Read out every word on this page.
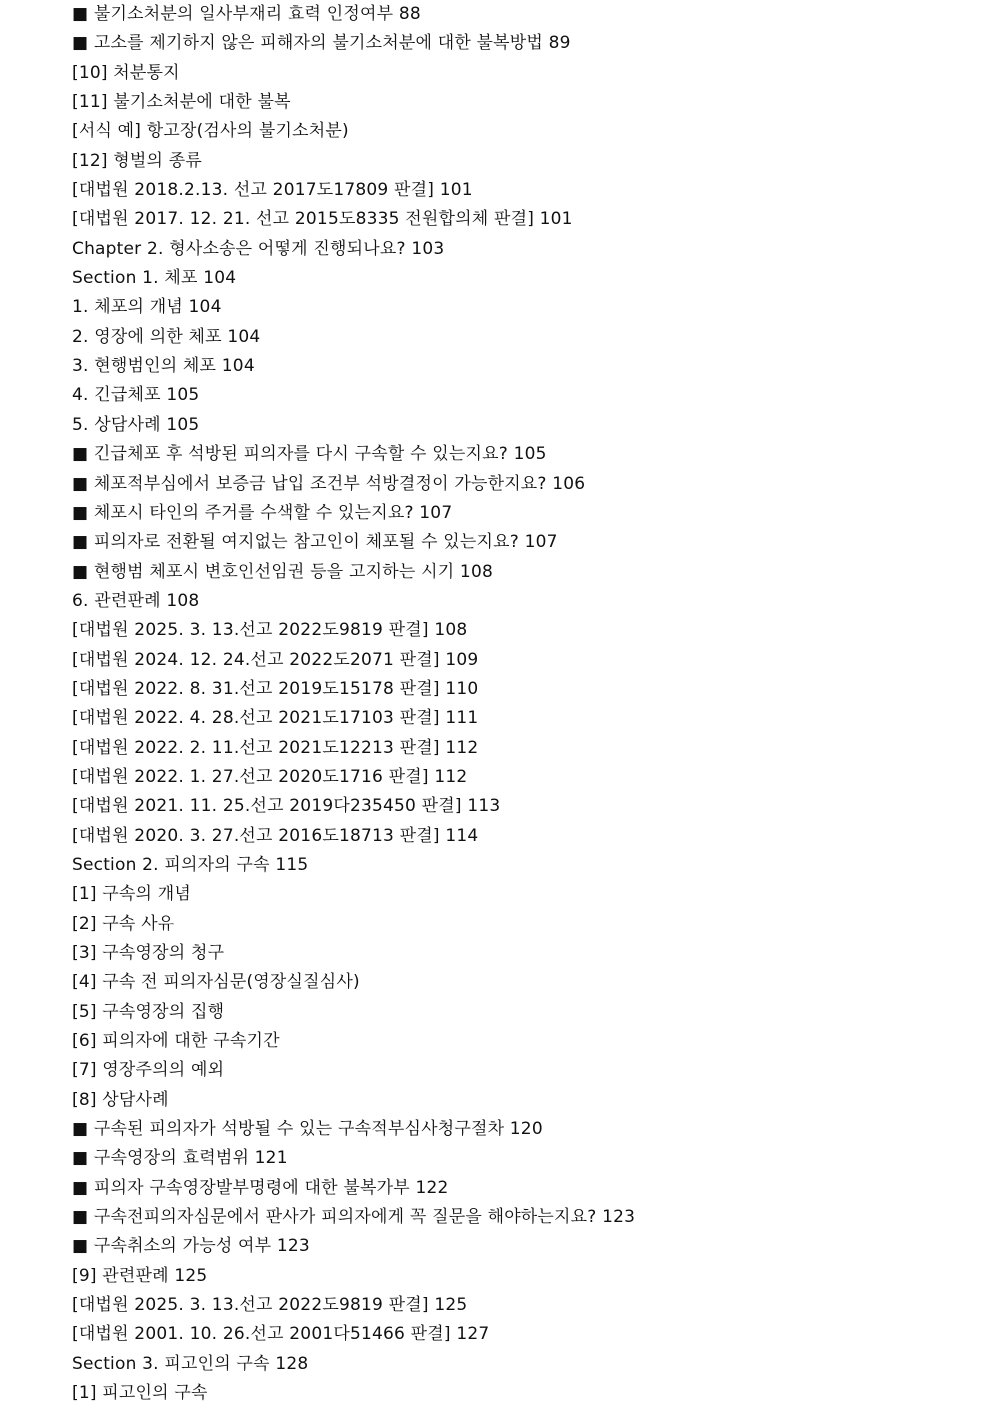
■ 불기소처분의 일사부재리 효력 인정여부 88
■ 고소를 제기하지 않은 피해자의 불기소처분에 대한 불복방법 89
[10] 처분통지
[11] 불기소처분에 대한 불복
[서식 예] 항고장(검사의 불기소처분)
[12] 형벌의 종류
[대법원 2018.2.13. 선고 2017도17809 판결] 101
[대법원 2017. 12. 21. 선고 2015도8335 전원합의체 판결] 101
Chapter 2. 형사소송은 어떻게 진행되나요? 103
Section 1. 체포 104
1. 체포의 개념 104
2. 영장에 의한 체포 104
3. 현행범인의 체포 104
4. 긴급체포 105
5. 상담사례 105
■ 긴급체포 후 석방된 피의자를 다시 구속할 수 있는지요? 105
■ 체포적부심에서 보증금 납입 조건부 석방결정이 가능한지요? 106
■ 체포시 타인의 주거를 수색할 수 있는지요? 107
■ 피의자로 전환될 여지없는 참고인이 체포될 수 있는지요? 107
■ 현행범 체포시 변호인선임권 등을 고지하는 시기 108
6. 관련판례 108
[대법원 2025. 3. 13.선고 2022도9819 판결] 108
[대법원 2024. 12. 24.선고 2022도2071 판결] 109
[대법원 2022. 8. 31.선고 2019도15178 판결] 110
[대법원 2022. 4. 28.선고 2021도17103 판결] 111
[대법원 2022. 2. 11.선고 2021도12213 판결] 112
[대법원 2022. 1. 27.선고 2020도1716 판결] 112
[대법원 2021. 11. 25.선고 2019다235450 판결] 113
[대법원 2020. 3. 27.선고 2016도18713 판결] 114
Section 2. 피의자의 구속 115
[1] 구속의 개념
[2] 구속 사유
[3] 구속영장의 청구
[4] 구속 전 피의자심문(영장실질심사)
[5] 구속영장의 집행
[6] 피의자에 대한 구속기간
[7] 영장주의의 예외
[8] 상담사례
■ 구속된 피의자가 석방될 수 있는 구속적부심사청구절차 120
■ 구속영장의 효력범위 121
■ 피의자 구속영장발부명령에 대한 불복가부 122
■ 구속전피의자심문에서 판사가 피의자에게 꼭 질문을 해야하는지요? 123
■ 구속취소의 가능성 여부 123
[9] 관련판례 125
[대법원 2025. 3. 13.선고 2022도9819 판결] 125
[대법원 2001. 10. 26.선고 2001다51466 판결] 127
Section 3. 피고인의 구속 128
[1] 피고인의 구속
